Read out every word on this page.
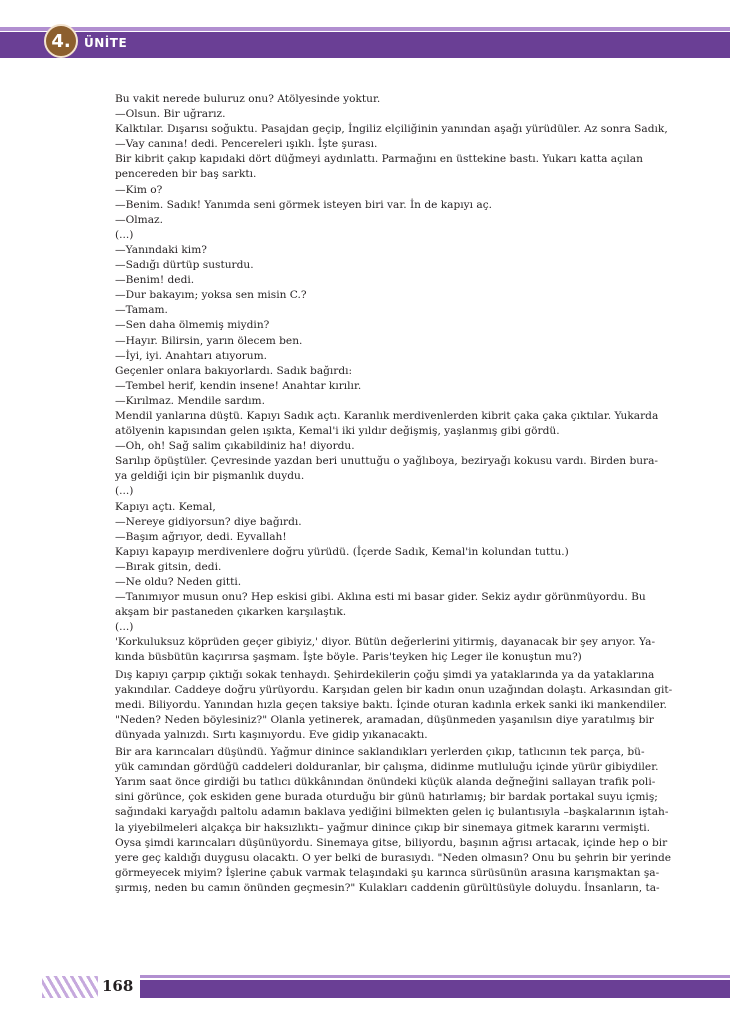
4.	ÜNİTE
Bu vakit nerede buluruz onu? Atölyesinde yoktur.
—Olsun. Bir uğrarız.
Kalktılar. Dışarısı soğuktu. Pasajdan geçip, İngiliz elçiliğinin yanından aşağı yürüdüler. Az sonra Sadık,
—Vay canına! dedi. Pencereleri ışıklı. İşte şurası.
Bir kibrit çakıp kapıdaki dört düğmeyi aydınlattı. Parmağını en üsttekine bastı. Yukarı katta açılan
pencereden bir baş sarktı.
—Kim o?
—Benim. Sadık! Yanımda seni görmek isteyen biri var. İn de kapıyı aç.
—Olmaz.
(...)
—Yanındaki kim?
—Sadığı dürtüp susturdu.
—Benim! dedi.
—Dur bakayım; yoksa sen misin C.?
—Tamam.
—Sen daha ölmemiş miydin?
—Hayır. Bilirsin, yarın ölecem ben.
—İyi, iyi. Anahtarı atıyorum.
Geçenler onlara bakıyorlardı. Sadık bağırdı:
—Tembel herif, kendin insene! Anahtar kırılır.
—Kırılmaz. Mendile sardım.
Mendil yanlarına düştü. Kapıyı Sadık açtı. Karanlık merdivenlerden kibrit çaka çaka çıktılar. Yukarda
atölyenin kapısından gelen ışıkta, Kemal'i iki yıldır değişmiş, yaşlanmış gibi gördü.
—Oh, oh! Sağ salim çıkabildiniz ha! diyordu.
Sarılıp öpüştüler. Çevresinde yazdan beri unuttuğu o yağlıboya, beziryağı kokusu vardı. Birden bura-
ya geldiği için bir pişmanlık duydu.
(...)
Kapıyı açtı. Kemal,
—Nereye gidiyorsun? diye bağırdı.
—Başım ağrıyor, dedi. Eyvallah!
Kapıyı kapayıp merdivenlere doğru yürüdü. (İçerde Sadık, Kemal'in kolundan tuttu.)
—Bırak gitsin, dedi.
—Ne oldu? Neden gitti.
—Tanımıyor musun onu? Hep eskisi gibi. Aklına esti mi basar gider. Sekiz aydır görünmüyordu. Bu
akşam bir pastaneden çıkarken karşılaştık.
(...)
'Korkuluksuz köprüden geçer gibiyiz,' diyor. Bütün değerlerini yitirmiş, dayanacak bir şey arıyor. Ya-
kında büsbütün kaçırırsa şaşmam. İşte böyle. Paris'teyken hiç Leger ile konuştun mu?)
Dış kapıyı çarpıp çıktığı sokak tenhaydı. Şehirdekilerin çoğu şimdi ya yataklarında ya da yataklarına
yakındılar. Caddeye doğru yürüyordu. Karşıdan gelen bir kadın onun uzağından dolaştı. Arkasından git-
medi. Biliyordu. Yanından hızla geçen taksiye baktı. İçinde oturan kadınla erkek sanki iki mankendiler.
"Neden? Neden böylesiniz?" Olanla yetinerek, aramadan, düşünmeden yaşanılsın diye yaratılmış bir
dünyada yalnızdı. Sırtı kaşınıyordu. Eve gidip yıkanacaktı.
Bir ara karıncaları düşündü. Yağmur dinince saklandıkları yerlerden çıkıp, tatlıcının tek parça, bü-
yük camından gördüğü caddeleri dolduranlar, bir çalışma, didinme mutluluğu içinde yürür gibiydiler.
Yarım saat önce girdiği bu tatlıcı dükkânından önündeki küçük alanda değneğini sallayan trafik poli-
sini görünce, çok eskiden gene burada oturduğu bir günü hatırlamış; bir bardak portakal suyu içmiş;
sağındaki karyağdı paltolu adamın baklava yediğini bilmekten gelen iç bulantısıyla –başkalarının iştah-
la yiyebilmeleri alçakça bir haksızlıktı– yağmur dinince çıkıp bir sinemaya gitmek kararını vermişti.
Oysa şimdi karıncaları düşünüyordu. Sinemaya gitse, biliyordu, başının ağrısı artacak, içinde hep o bir
yere geç kaldığı duygusu olacaktı. O yer belki de burasıydı. "Neden olmasın? Onu bu şehrin bir yerinde
görmeyecek miyim? İşlerine çabuk varmak telaşındaki şu karınca sürüsünün arasına karışmaktan şa-
şırmış, neden bu camın önünden geçmesin?" Kulakları caddenin gürültüsüyle doluydu. İnsanların, ta-
168
